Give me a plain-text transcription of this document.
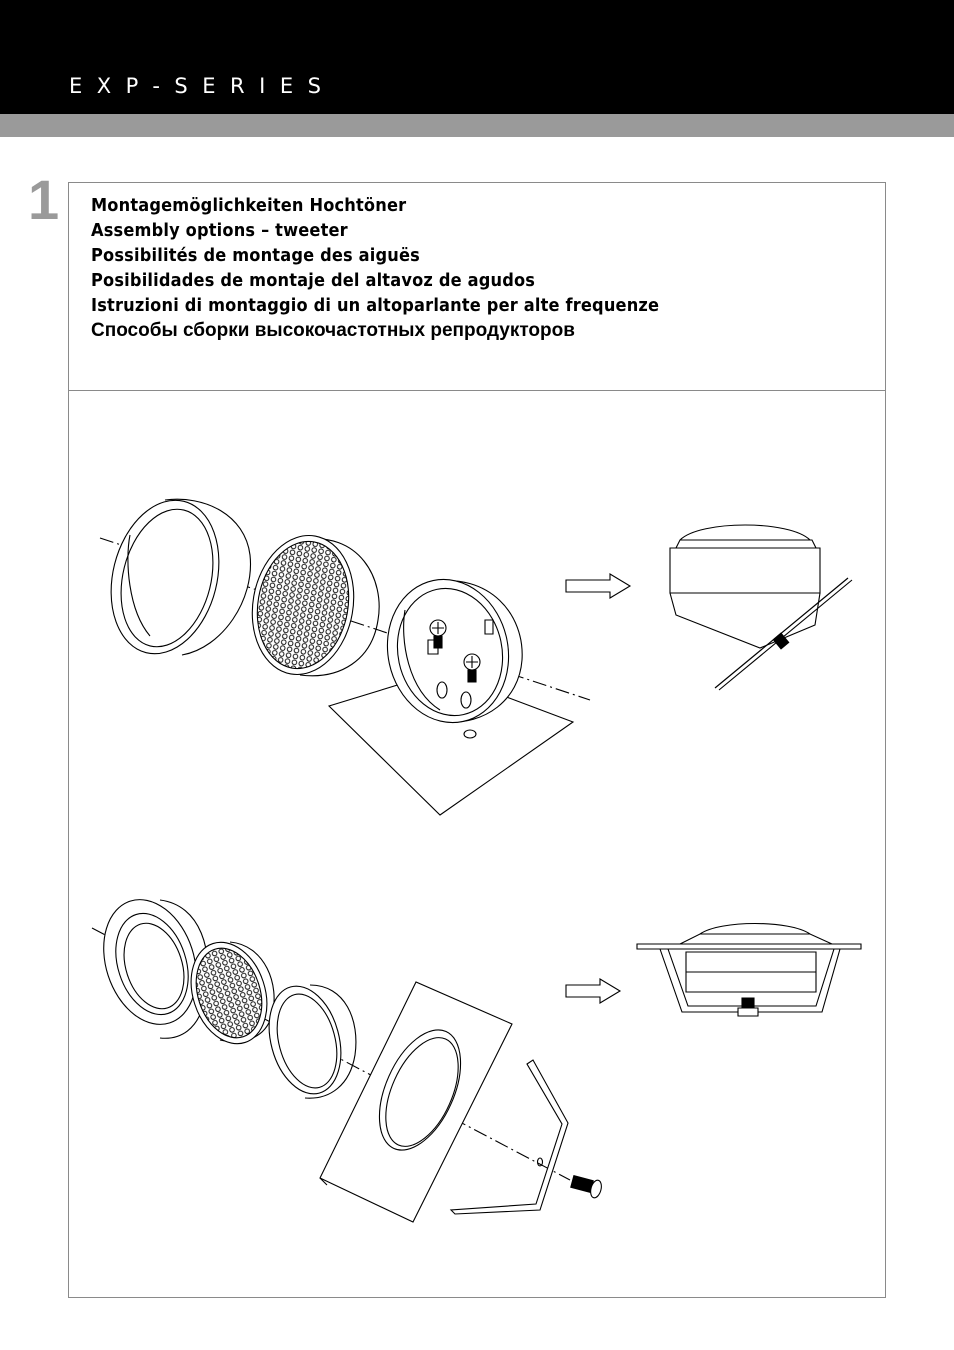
EXP-SERIES
1 Montagemöglichkeiten Hochtöner
Assembly options – tweeter
Possibilités de montage des aiguës
Posibilidades de montaje del altavoz de agudos
Istruzioni di montaggio di un altoparlante per alte frequenze
Способы сборки высокочастотных репродукторов
